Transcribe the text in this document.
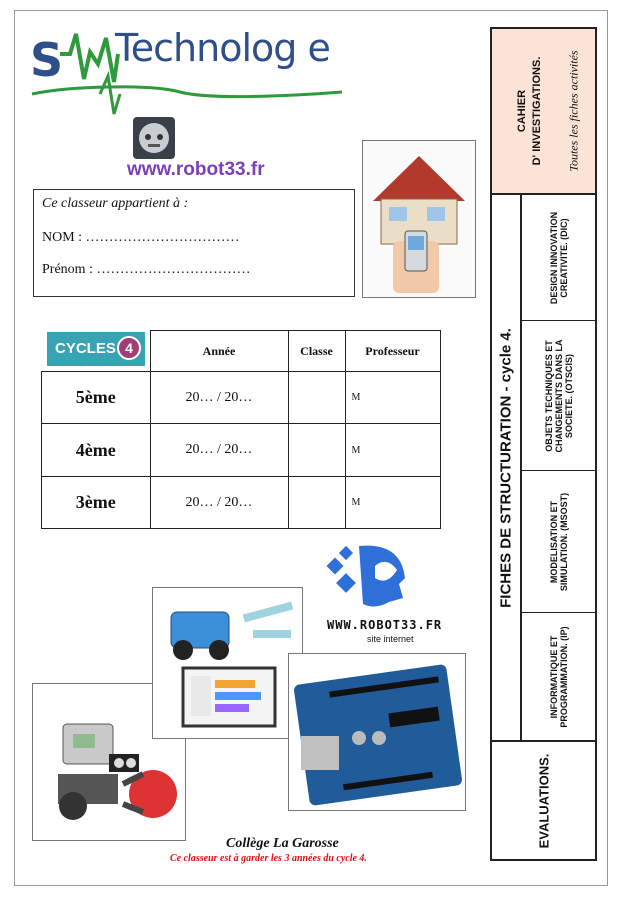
S Technolog e
www.robot33.fr
Ce classeur appartient à :
NOM : ……………………………
Prénom : ……………………………
	Année	Classe	Professeur
5ème	20… / 20…		M
4ème	20… / 20…		M
3ème	20… / 20…		M
CYCLES 4
CAHIER D' INVESTIGATIONS. Toutes les fiches activités
FICHES DE STRUCTURATION - cycle 4.
DESIGN INNOVATION CREATIVITE. (DIC)
OBJETS TECHNIQUES ET CHANGEMENTS DANS LA SOCIETE. (OTSCIS)
MODELISATION ET SIMULATION. (MSOST)
INFORMATIQUE ET PROGRAMMATION. (IP)
EVALUATIONS.
WWW.ROBOT33.FR
site internet
Collège La Garosse
Ce classeur est à garder les 3 années du cycle 4.
